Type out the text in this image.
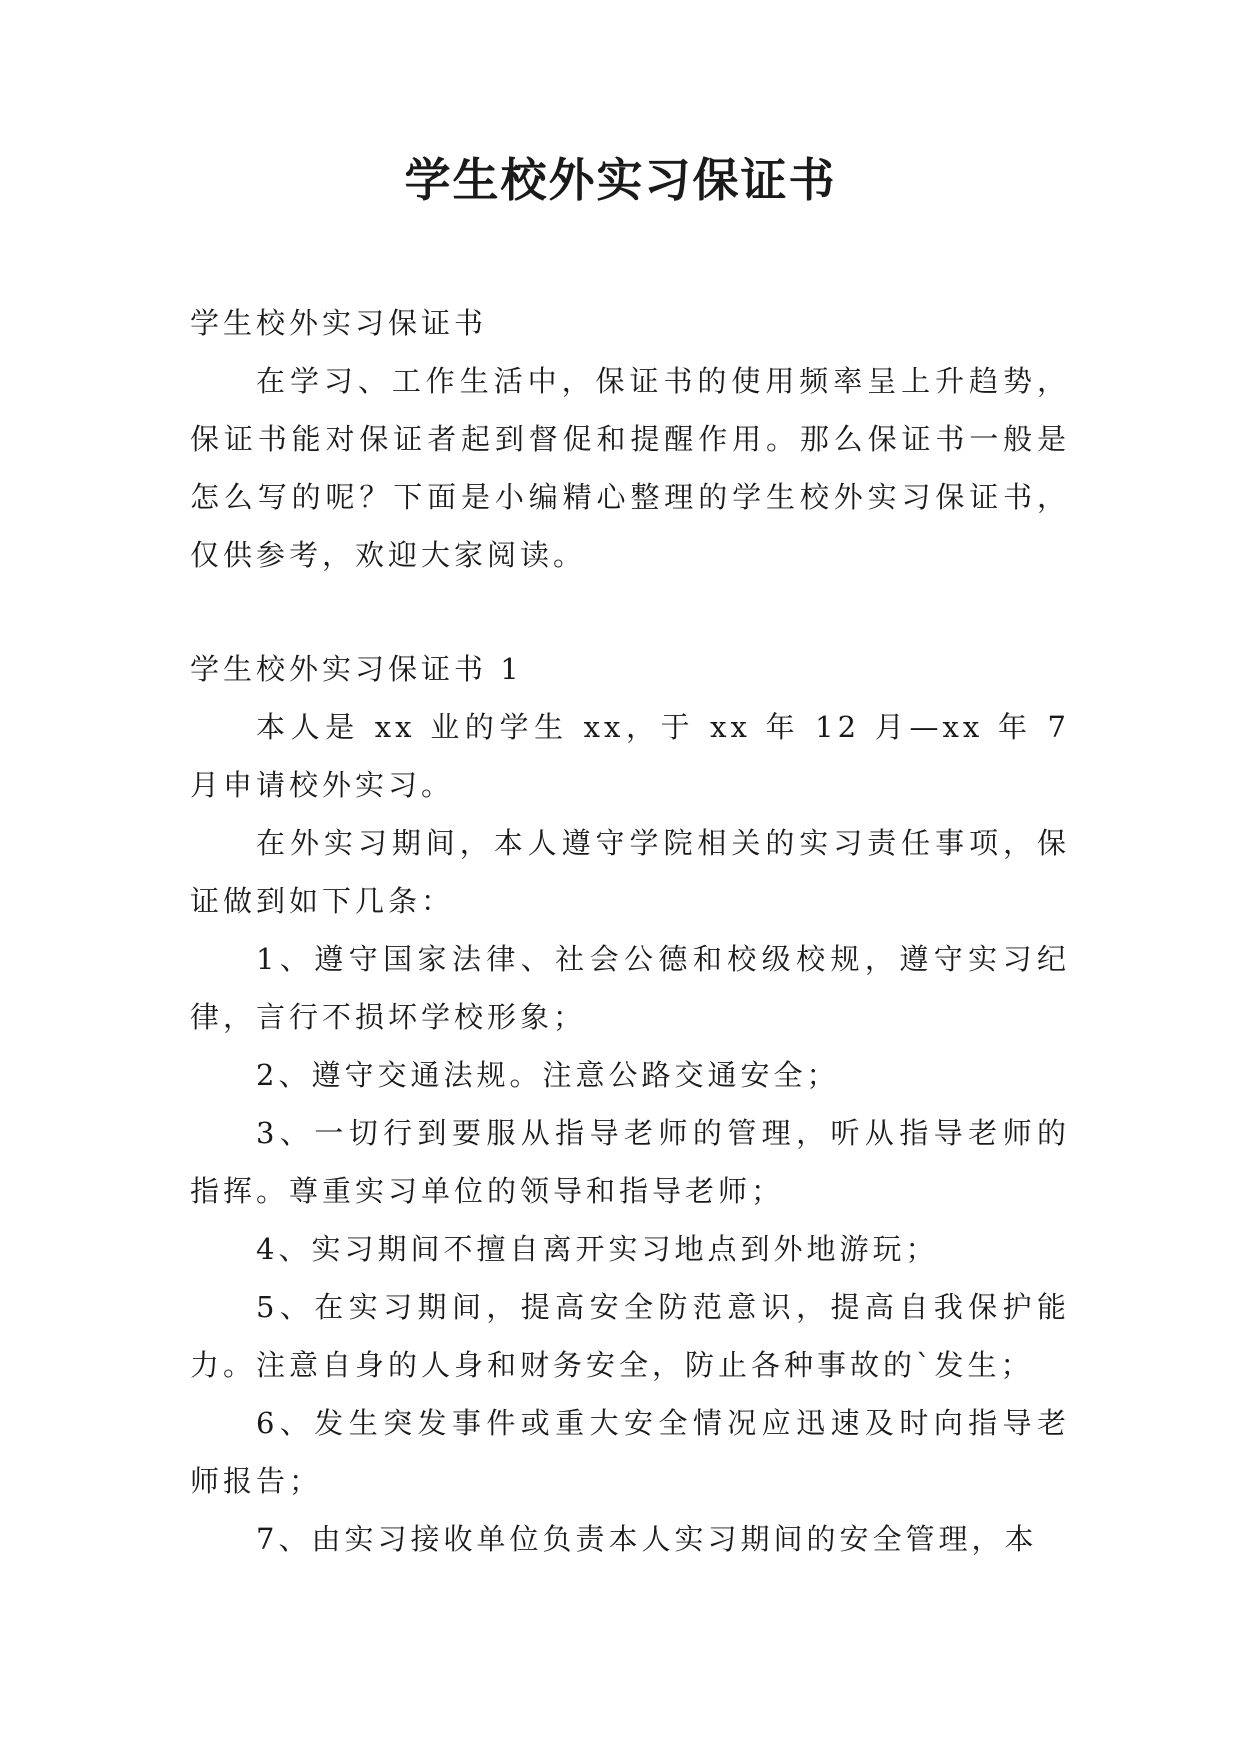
学生校外实习保证书

学生校外实习保证书

在学习、工作生活中，保证书的使用频率呈上升趋势，保证书能对保证者起到督促和提醒作用。那么保证书一般是怎么写的呢？下面是小编精心整理的学生校外实习保证书，仅供参考，欢迎大家阅读。

学生校外实习保证书 1

本人是 xx 业的学生 xx，于 xx 年 12 月—xx 年 7 月申请校外实习。

在外实习期间，本人遵守学院相关的实习责任事项，保证做到如下几条：

1、遵守国家法律、社会公德和校级校规，遵守实习纪律，言行不损坏学校形象；

2、遵守交通法规。注意公路交通安全；

3、一切行到要服从指导老师的管理，听从指导老师的指挥。尊重实习单位的领导和指导老师；

4、实习期间不擅自离开实习地点到外地游玩；

5、在实习期间，提高安全防范意识，提高自我保护能力。注意自身的人身和财务安全，防止各种事故的`发生；

6、发生突发事件或重大安全情况应迅速及时向指导老师报告；

7、由实习接收单位负责本人实习期间的安全管理，本
